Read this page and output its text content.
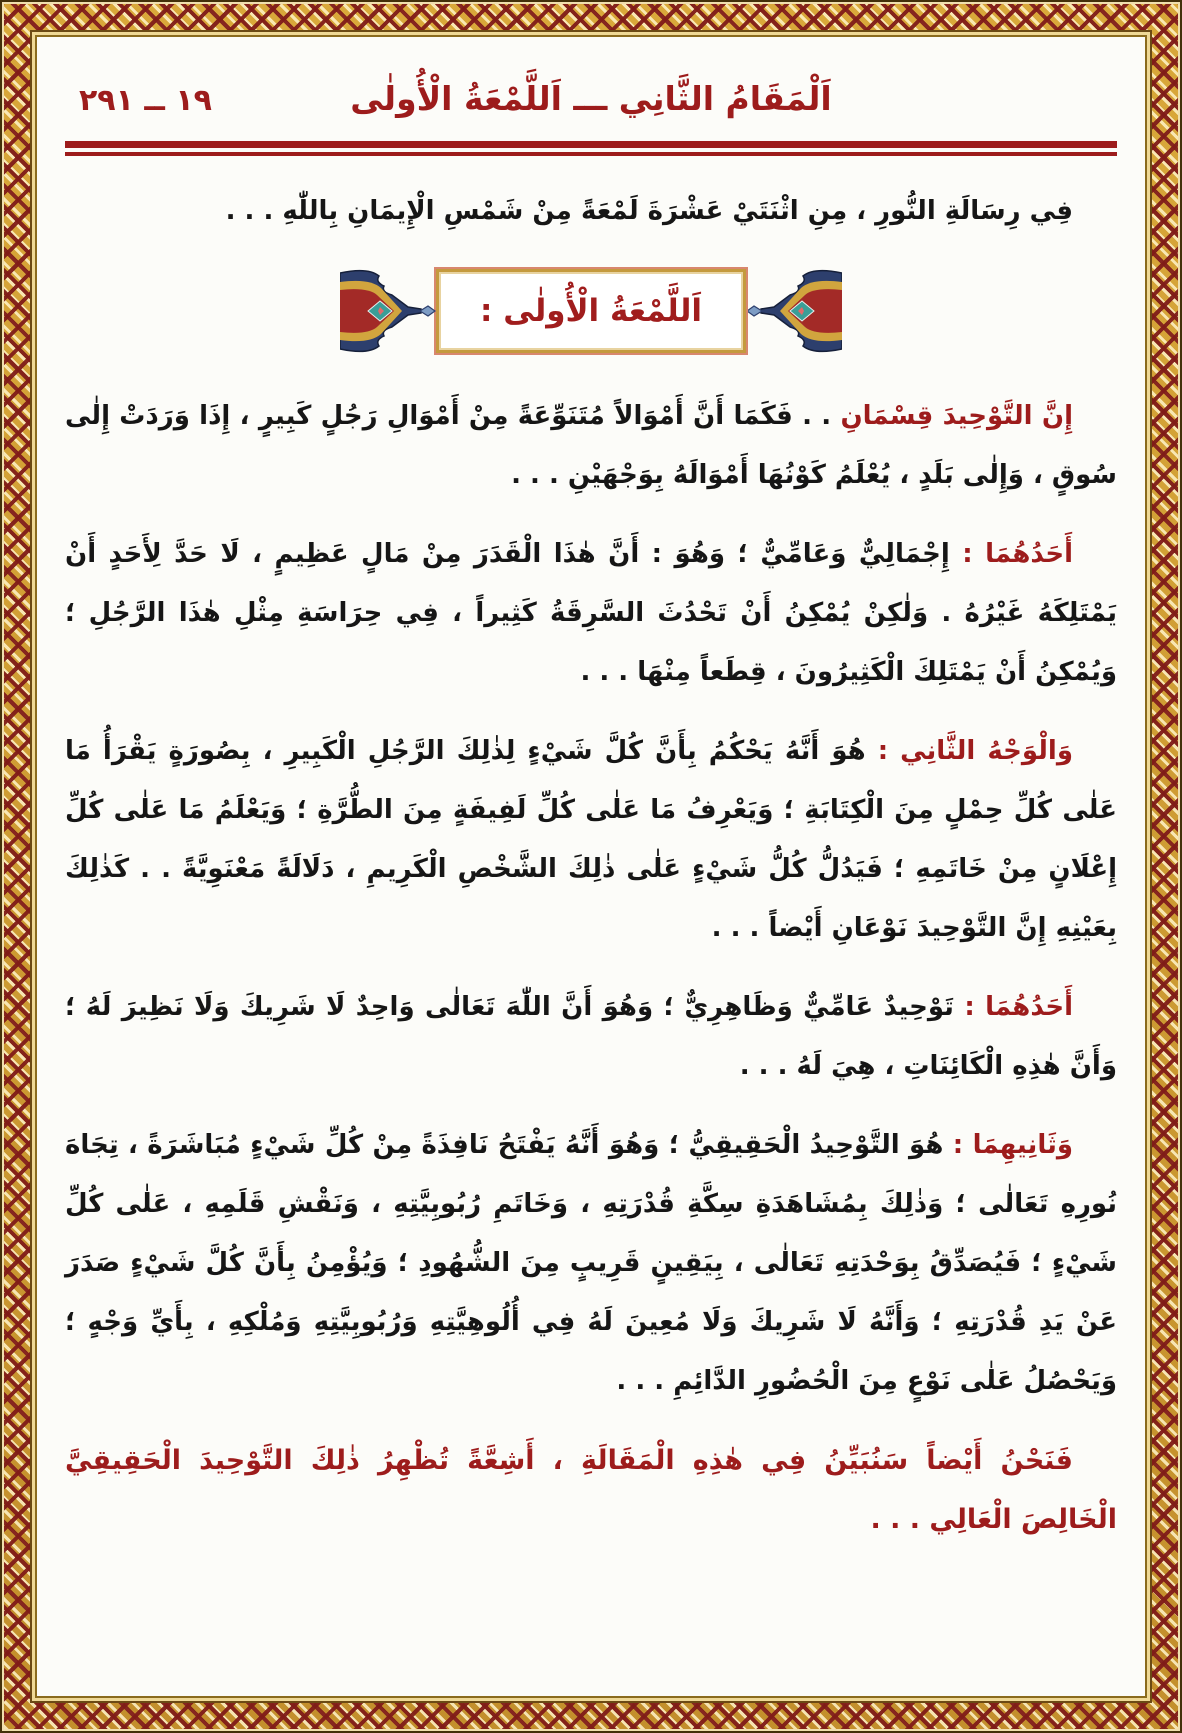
١٩ ــ ٢٩١	اَلْمَقَامُ الثَّانِي ـــ اَللَّمْعَةُ الْأُولٰى

فِي رِسَالَةِ النُّورِ ، مِنِ اثْنَتَيْ عَشْرَةَ لَمْعَةً مِنْ شَمْسِ الْإِيمَانِ بِاللّٰهِ . . .

اَللَّمْعَةُ الْأُولٰى :

إِنَّ التَّوْحِيدَ قِسْمَانِ . . فَكَمَا أَنَّ أَمْوَالاً مُتَنَوِّعَةً مِنْ أَمْوَالِ رَجُلٍ كَبِيرٍ ، إِذَا وَرَدَتْ إِلٰى سُوقٍ ، وَإِلٰى بَلَدٍ ، يُعْلَمُ كَوْنُهَا أَمْوَالَهُ بِوَجْهَيْنِ . . .

أَحَدُهُمَا : إِجْمَالِيٌّ وَعَامِّيٌّ ؛ وَهُوَ : أَنَّ هٰذَا الْقَدَرَ مِنْ مَالٍ عَظِيمٍ ، لَا حَدَّ لِأَحَدٍ أَنْ يَمْتَلِكَهُ غَيْرُهُ . وَلٰكِنْ يُمْكِنُ أَنْ تَحْدُثَ السَّرِقَةُ كَثِيراً ، فِي حِرَاسَةِ مِثْلِ هٰذَا الرَّجُلِ ؛ وَيُمْكِنُ أَنْ يَمْتَلِكَ الْكَثِيرُونَ ، قِطَعاً مِنْهَا . . .

وَالْوَجْهُ الثَّانِي : هُوَ أَنَّهُ يَحْكُمُ بِأَنَّ كُلَّ شَيْءٍ لِذٰلِكَ الرَّجُلِ الْكَبِيرِ ، بِصُورَةٍ يَقْرَأُ مَا عَلٰى كُلِّ حِمْلٍ مِنَ الْكِتَابَةِ ؛ وَيَعْرِفُ مَا عَلٰى كُلِّ لَفِيفَةٍ مِنَ الطُّرَّةِ ؛ وَيَعْلَمُ مَا عَلٰى كُلِّ إِعْلَانٍ مِنْ خَاتَمِهِ ؛ فَيَدُلُّ كُلُّ شَيْءٍ عَلٰى ذٰلِكَ الشَّخْصِ الْكَرِيمِ ، دَلَالَةً مَعْنَوِيَّةً . . كَذٰلِكَ بِعَيْنِهِ إِنَّ التَّوْحِيدَ نَوْعَانِ أَيْضاً . . .

أَحَدُهُمَا : تَوْحِيدٌ عَامِّيٌّ وَظَاهِرِيٌّ ؛ وَهُوَ أَنَّ اللّٰهَ تَعَالٰى وَاحِدٌ لَا شَرِيكَ وَلَا نَظِيرَ لَهُ ؛ وَأَنَّ هٰذِهِ الْكَائِنَاتِ ، هِيَ لَهُ . . .

وَثَانِيهِمَا : هُوَ التَّوْحِيدُ الْحَقِيقِيُّ ؛ وَهُوَ أَنَّهُ يَفْتَحُ نَافِذَةً مِنْ كُلِّ شَيْءٍ مُبَاشَرَةً ، تِجَاهَ نُورِهِ تَعَالٰى ؛ وَذٰلِكَ بِمُشَاهَدَةِ سِكَّةِ قُدْرَتِهِ ، وَخَاتَمِ رُبُوبِيَّتِهِ ، وَنَقْشِ قَلَمِهِ ، عَلٰى كُلِّ شَيْءٍ ؛ فَيُصَدِّقُ بِوَحْدَتِهِ تَعَالٰى ، بِيَقِينٍ قَرِيبٍ مِنَ الشُّهُودِ ؛ وَيُؤْمِنُ بِأَنَّ كُلَّ شَيْءٍ صَدَرَ عَنْ يَدِ قُدْرَتِهِ ؛ وَأَنَّهُ لَا شَرِيكَ وَلَا مُعِينَ لَهُ فِي أُلُوهِيَّتِهِ وَرُبُوبِيَّتِهِ وَمُلْكِهِ ، بِأَيِّ وَجْهٍ ؛ وَيَحْصُلُ عَلٰى نَوْعٍ مِنَ الْحُضُورِ الدَّائِمِ . . .

فَنَحْنُ أَيْضاً سَنُبَيِّنُ فِي هٰذِهِ الْمَقَالَةِ ، أَشِعَّةً تُظْهِرُ ذٰلِكَ التَّوْحِيدَ الْحَقِيقِيَّ الْخَالِصَ الْعَالِي . . .
